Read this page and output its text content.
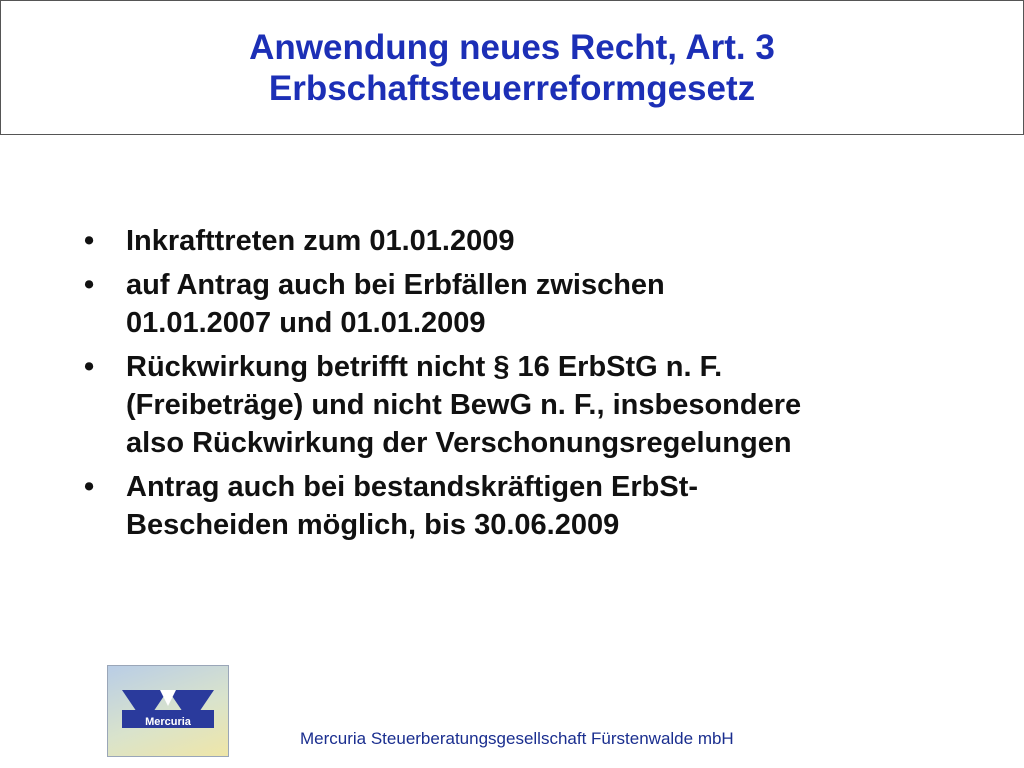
Anwendung neues Recht, Art. 3
Erbschaftsteuerreformgesetz
• Inkrafttreten zum 01.01.2009
• auf Antrag auch bei Erbfällen zwischen
01.01.2007 und 01.01.2009
• Rückwirkung betrifft nicht § 16 ErbStG n. F.
(Freibeträge) und nicht BewG n. F., insbesondere
also Rückwirkung der Verschonungsregelungen
• Antrag auch bei bestandskräftigen ErbSt-
Bescheiden möglich, bis 30.06.2009
Mercuria
Mercuria Steuerberatungsgesellschaft Fürstenwalde mbH
